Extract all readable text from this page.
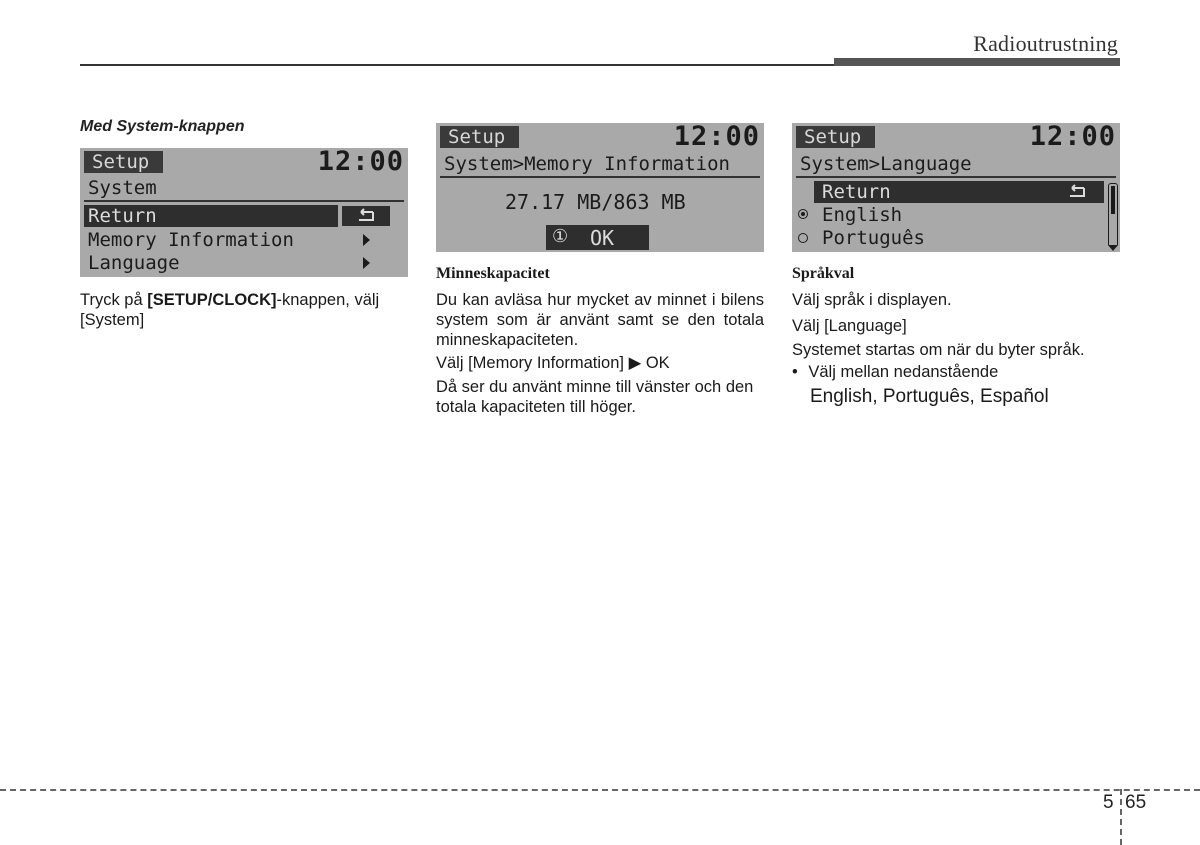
Radioutrustning
Med System-knappen
Setup	12:00
System
Return
Memory Information
Language
Tryck på [SETUP/CLOCK]-knappen, välj
[System]
Setup	12:00
System>Memory Information
27.17 MB/863 MB
① OK
Minneskapacitet
Du kan avläsa hur mycket av minnet i bilens system som är använt samt se den totala minneskapaciteten.
Välj [Memory Information] ▶ OK
Då ser du använt minne till vänster och den totala kapaciteten till höger.
Setup	12:00
System>Language
Return
English
Português
Språkval
Välj språk i displayen.
Välj [Language]
Systemet startas om när du byter språk.
• Välj mellan nedanstående
English, Português, Español
5 65
